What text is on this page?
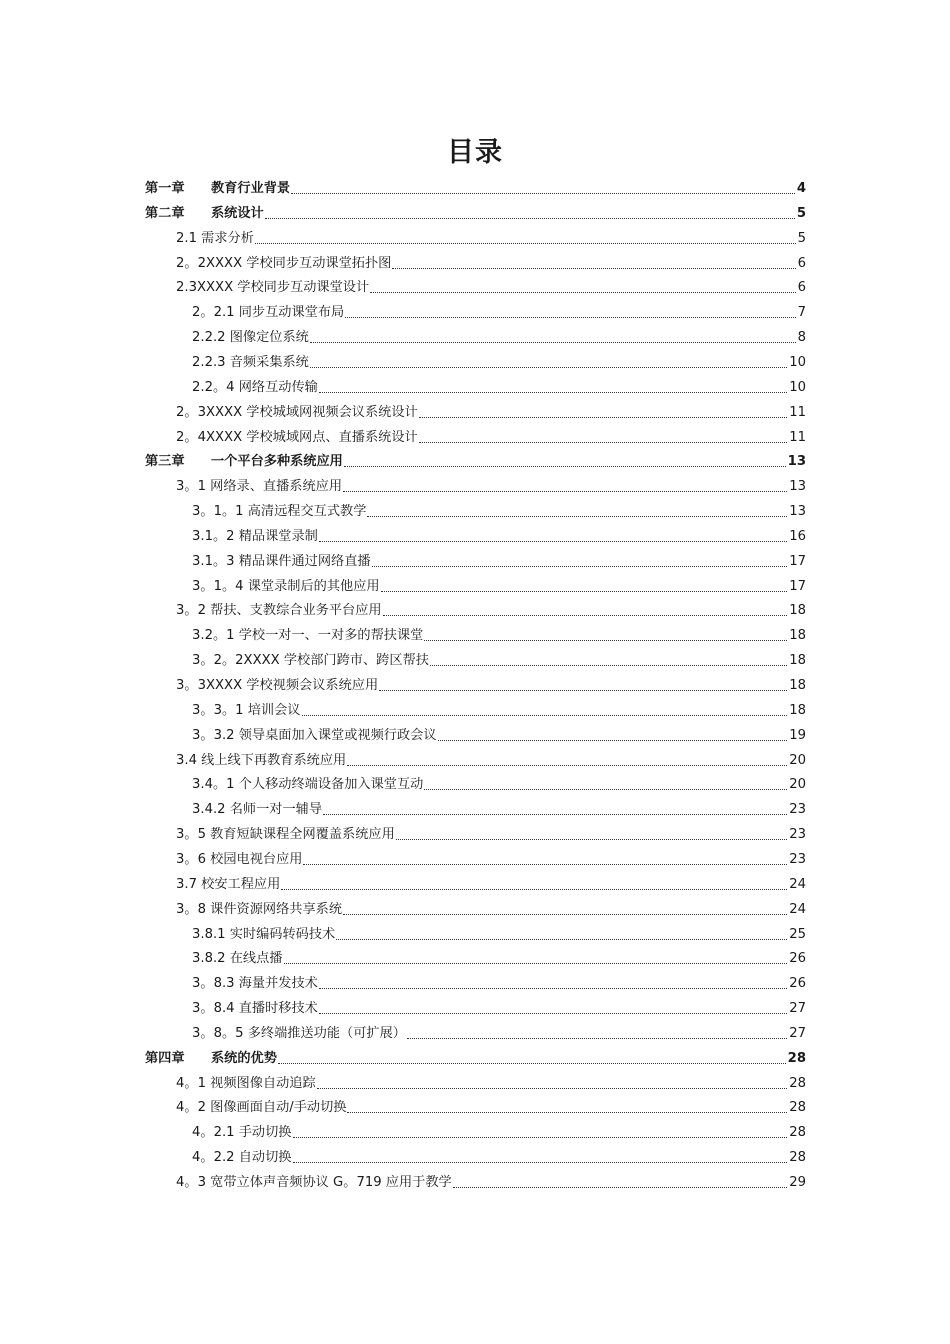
目录
第一章 教育行业背景	4
第二章 系统设计	5
2.1 需求分析	5
2。2XXXX 学校同步互动课堂拓扑图	6
2.3XXXX 学校同步互动课堂设计	6
2。2.1 同步互动课堂布局	7
2.2.2 图像定位系统	8
2.2.3 音频采集系统	10
2.2。4 网络互动传输	10
2。3XXXX 学校城域网视频会议系统设计	11
2。4XXXX 学校城域网点、直播系统设计	11
第三章 一个平台多种系统应用	13
3。1 网络录、直播系统应用	13
3。1。1 高清远程交互式教学	13
3.1。2 精品课堂录制	16
3.1。3 精品课件通过网络直播	17
3。1。4 课堂录制后的其他应用	17
3。2 帮扶、支教综合业务平台应用	18
3.2。1 学校一对一、一对多的帮扶课堂	18
3。2。2XXXX 学校部门跨市、跨区帮扶	18
3。3XXXX 学校视频会议系统应用	18
3。3。1 培训会议	18
3。3.2 领导桌面加入课堂或视频行政会议	19
3.4 线上线下再教育系统应用	20
3.4。1 个人移动终端设备加入课堂互动	20
3.4.2 名师一对一辅导	23
3。5 教育短缺课程全网覆盖系统应用	23
3。6 校园电视台应用	23
3.7 校安工程应用	24
3。8 课件资源网络共享系统	24
3.8.1 实时编码转码技术	25
3.8.2 在线点播	26
3。8.3 海量并发技术	26
3。8.4 直播时移技术	27
3。8。5 多终端推送功能（可扩展）	27
第四章 系统的优势	28
4。1 视频图像自动追踪	28
4。2 图像画面自动/手动切换	28
4。2.1 手动切换	28
4。2.2 自动切换	28
4。3 宽带立体声音频协议 G。719 应用于教学	29
